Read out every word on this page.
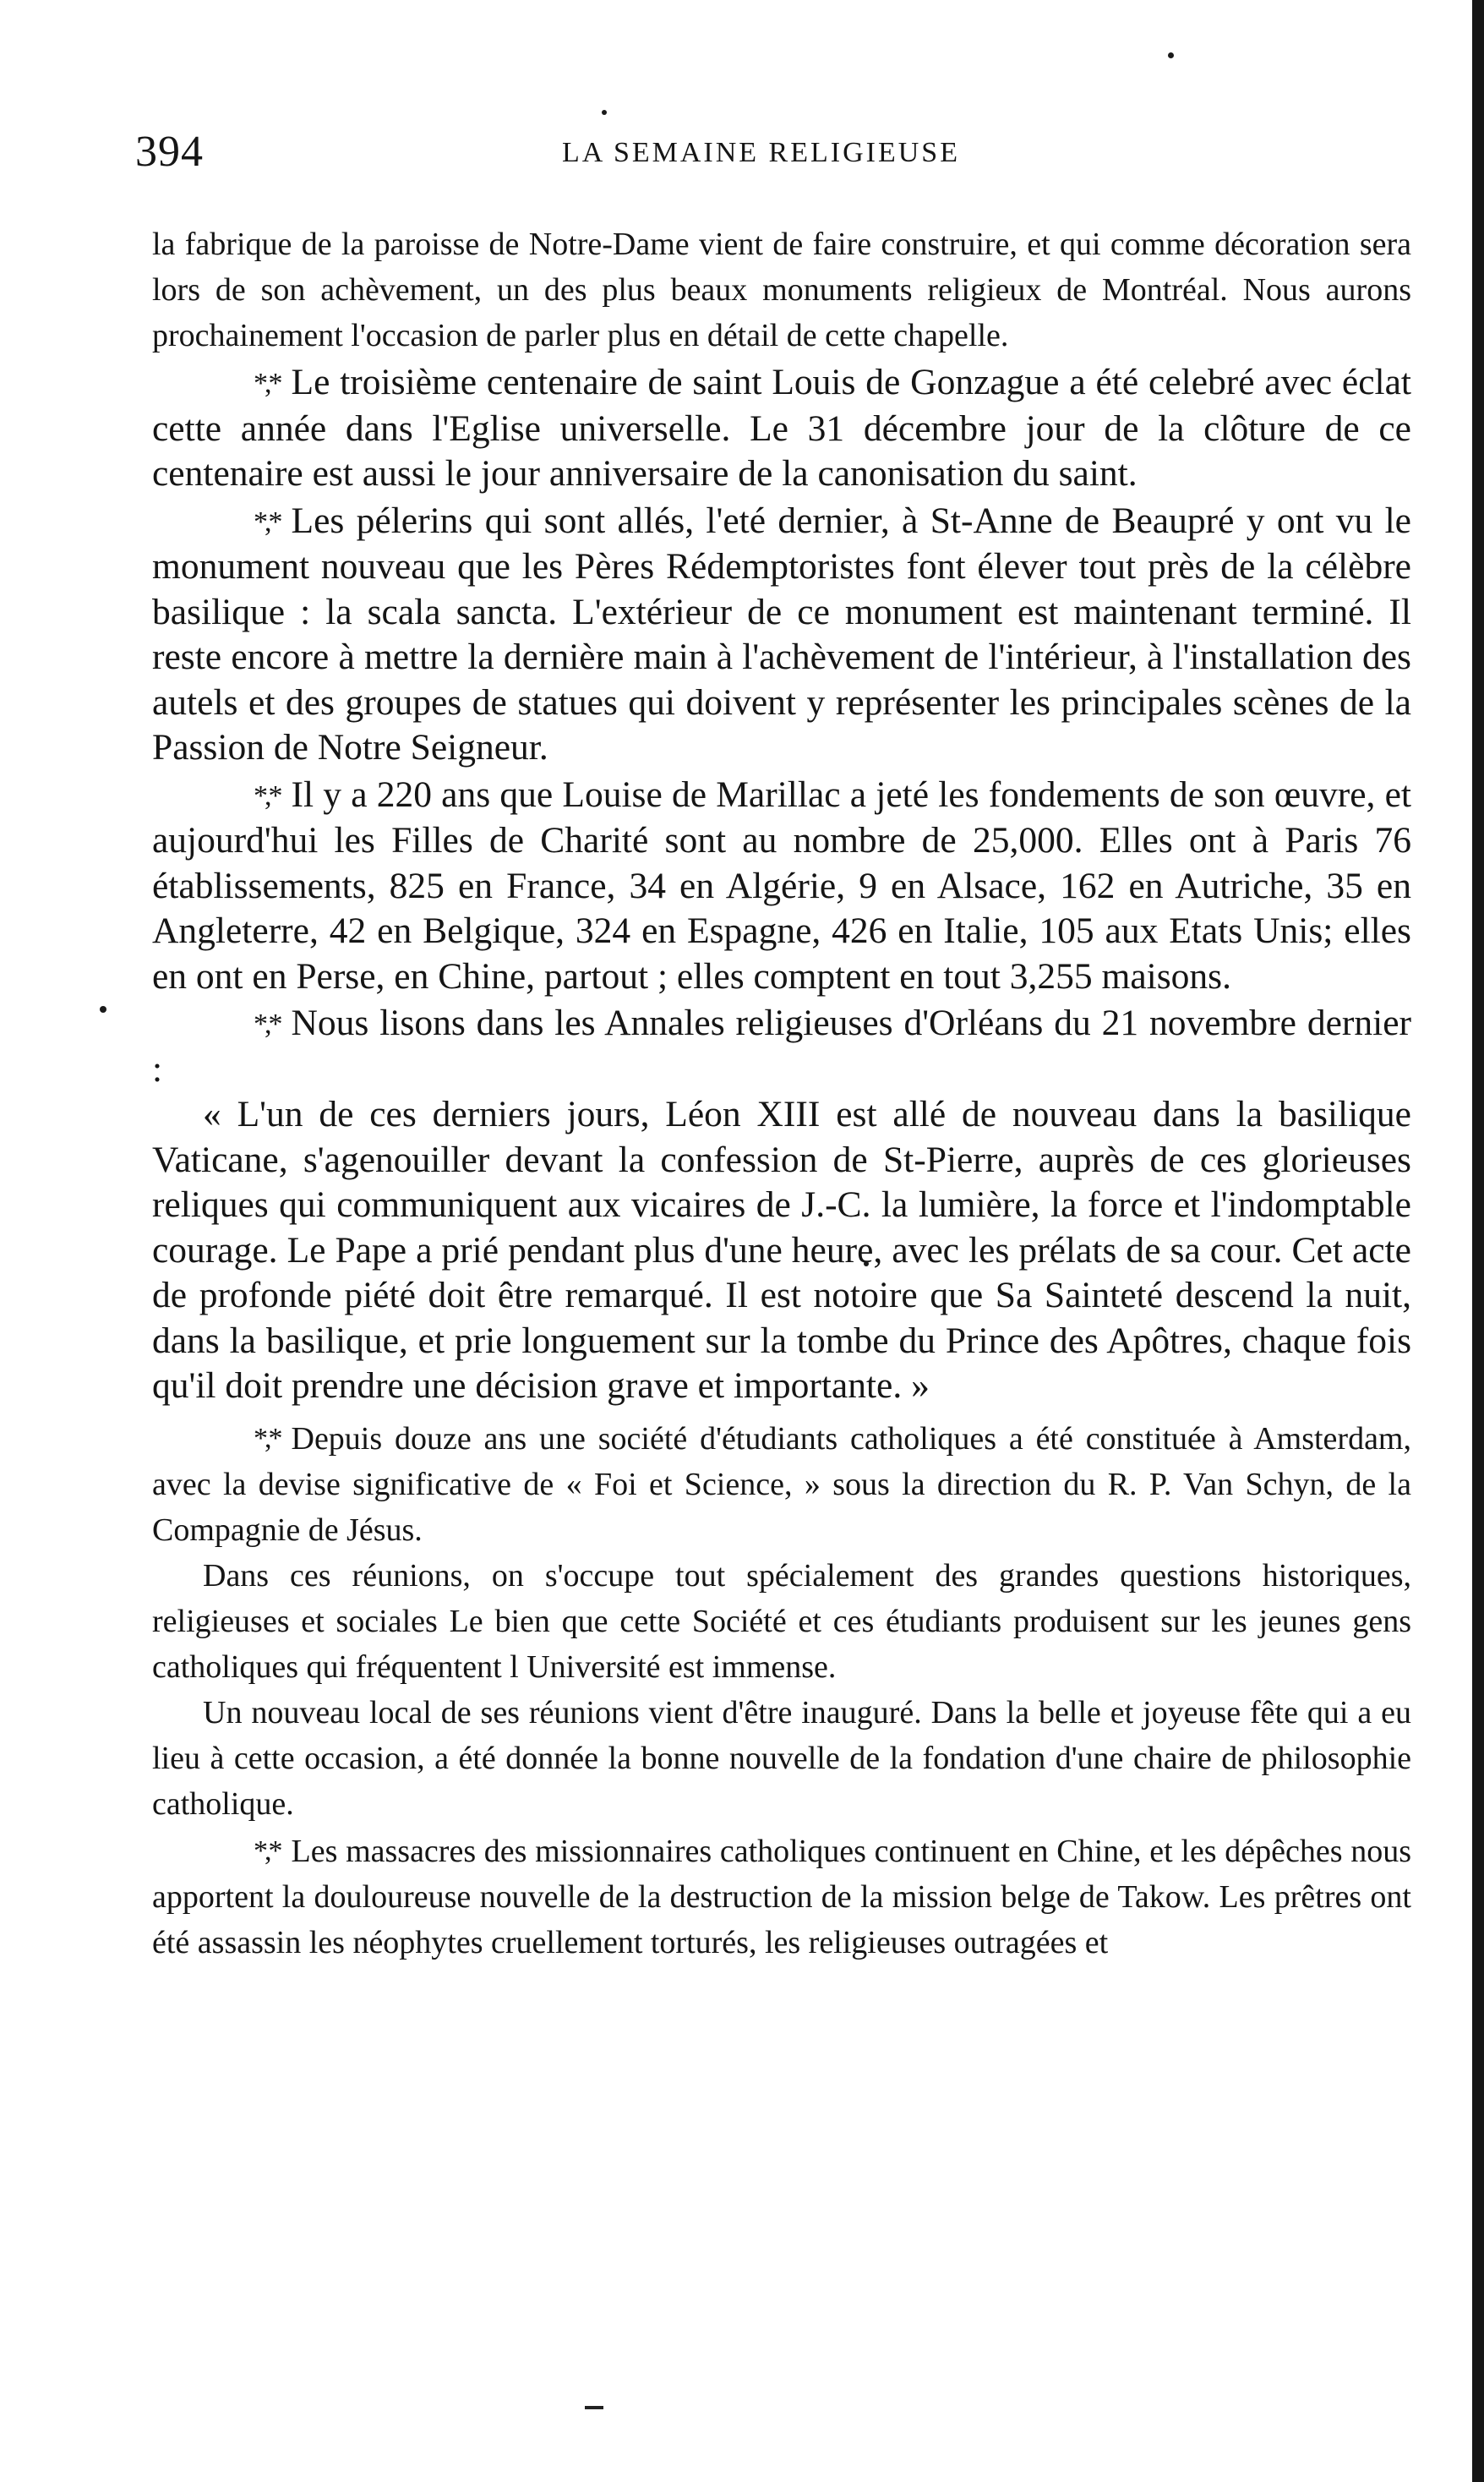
394	LA SEMAINE RELIGIEUSE

la fabrique de la paroisse de Notre-Dame vient de faire construire, et qui comme décoration sera lors de son achèvement, un des plus beaux monuments religieux de Montréal. Nous aurons prochainement l'occasion de parler plus en détail de cette chapelle.

*,* Le troisième centenaire de saint Louis de Gonzague a été celebré avec éclat cette année dans l'Eglise universelle. Le 31 décembre jour de la clôture de ce centenaire est aussi le jour anniversaire de la canonisation du saint.

*,* Les pélerins qui sont allés, l'eté dernier, à St-Anne de Beaupré y ont vu le monument nouveau que les Pères Rédemptoristes font élever tout près de la célèbre basilique : la scala sancta. L'extérieur de ce monument est maintenant terminé. Il reste encore à mettre la dernière main à l'achèvement de l'intérieur, à l'installation des autels et des groupes de statues qui doivent y représenter les principales scènes de la Passion de Notre Seigneur.

*,* Il y a 220 ans que Louise de Marillac a jeté les fondements de son œuvre, et aujourd'hui les Filles de Charité sont au nombre de 25,000. Elles ont à Paris 76 établissements, 825 en France, 34 en Algérie, 9 en Alsace, 162 en Autriche, 35 en Angleterre, 42 en Belgique, 324 en Espagne, 426 en Italie, 105 aux Etats Unis; elles en ont en Perse, en Chine, partout ; elles comptent en tout 3,255 maisons.

*,* Nous lisons dans les Annales religieuses d'Orléans du 21 novembre dernier :

« L'un de ces derniers jours, Léon XIII est allé de nouveau dans la basilique Vaticane, s'agenouiller devant la confession de St-Pierre, auprès de ces glorieuses reliques qui communiquent aux vicaires de J.-C. la lumière, la force et l'indomptable courage. Le Pape a prié pendant plus d'une heure, avec les prélats de sa cour. Cet acte de profonde piété doit être remarqué. Il est notoire que Sa Sainteté descend la nuit, dans la basilique, et prie longuement sur la tombe du Prince des Apôtres, chaque fois qu'il doit prendre une décision grave et importante. »

*,* Depuis douze ans une société d'étudiants catholiques a été constituée à Amsterdam, avec la devise significative de « Foi et Science, » sous la direction du R. P. Van Schyn, de la Compagnie de Jésus.

Dans ces réunions, on s'occupe tout spécialement des grandes questions historiques, religieuses et sociales Le bien que cette Société et ces étudiants produisent sur les jeunes gens catholiques qui fréquentent l Université est immense.

Un nouveau local de ses réunions vient d'être inauguré. Dans la belle et joyeuse fête qui a eu lieu à cette occasion, a été donnée la bonne nouvelle de la fondation d'une chaire de philosophie catholique.

*,* Les massacres des missionnaires catholiques continuent en Chine, et les dépêches nous apportent la douloureuse nouvelle de la destruction de la mission belge de Takow. Les prêtres ont été assassin les néophytes cruellement torturés, les religieuses outragées et
